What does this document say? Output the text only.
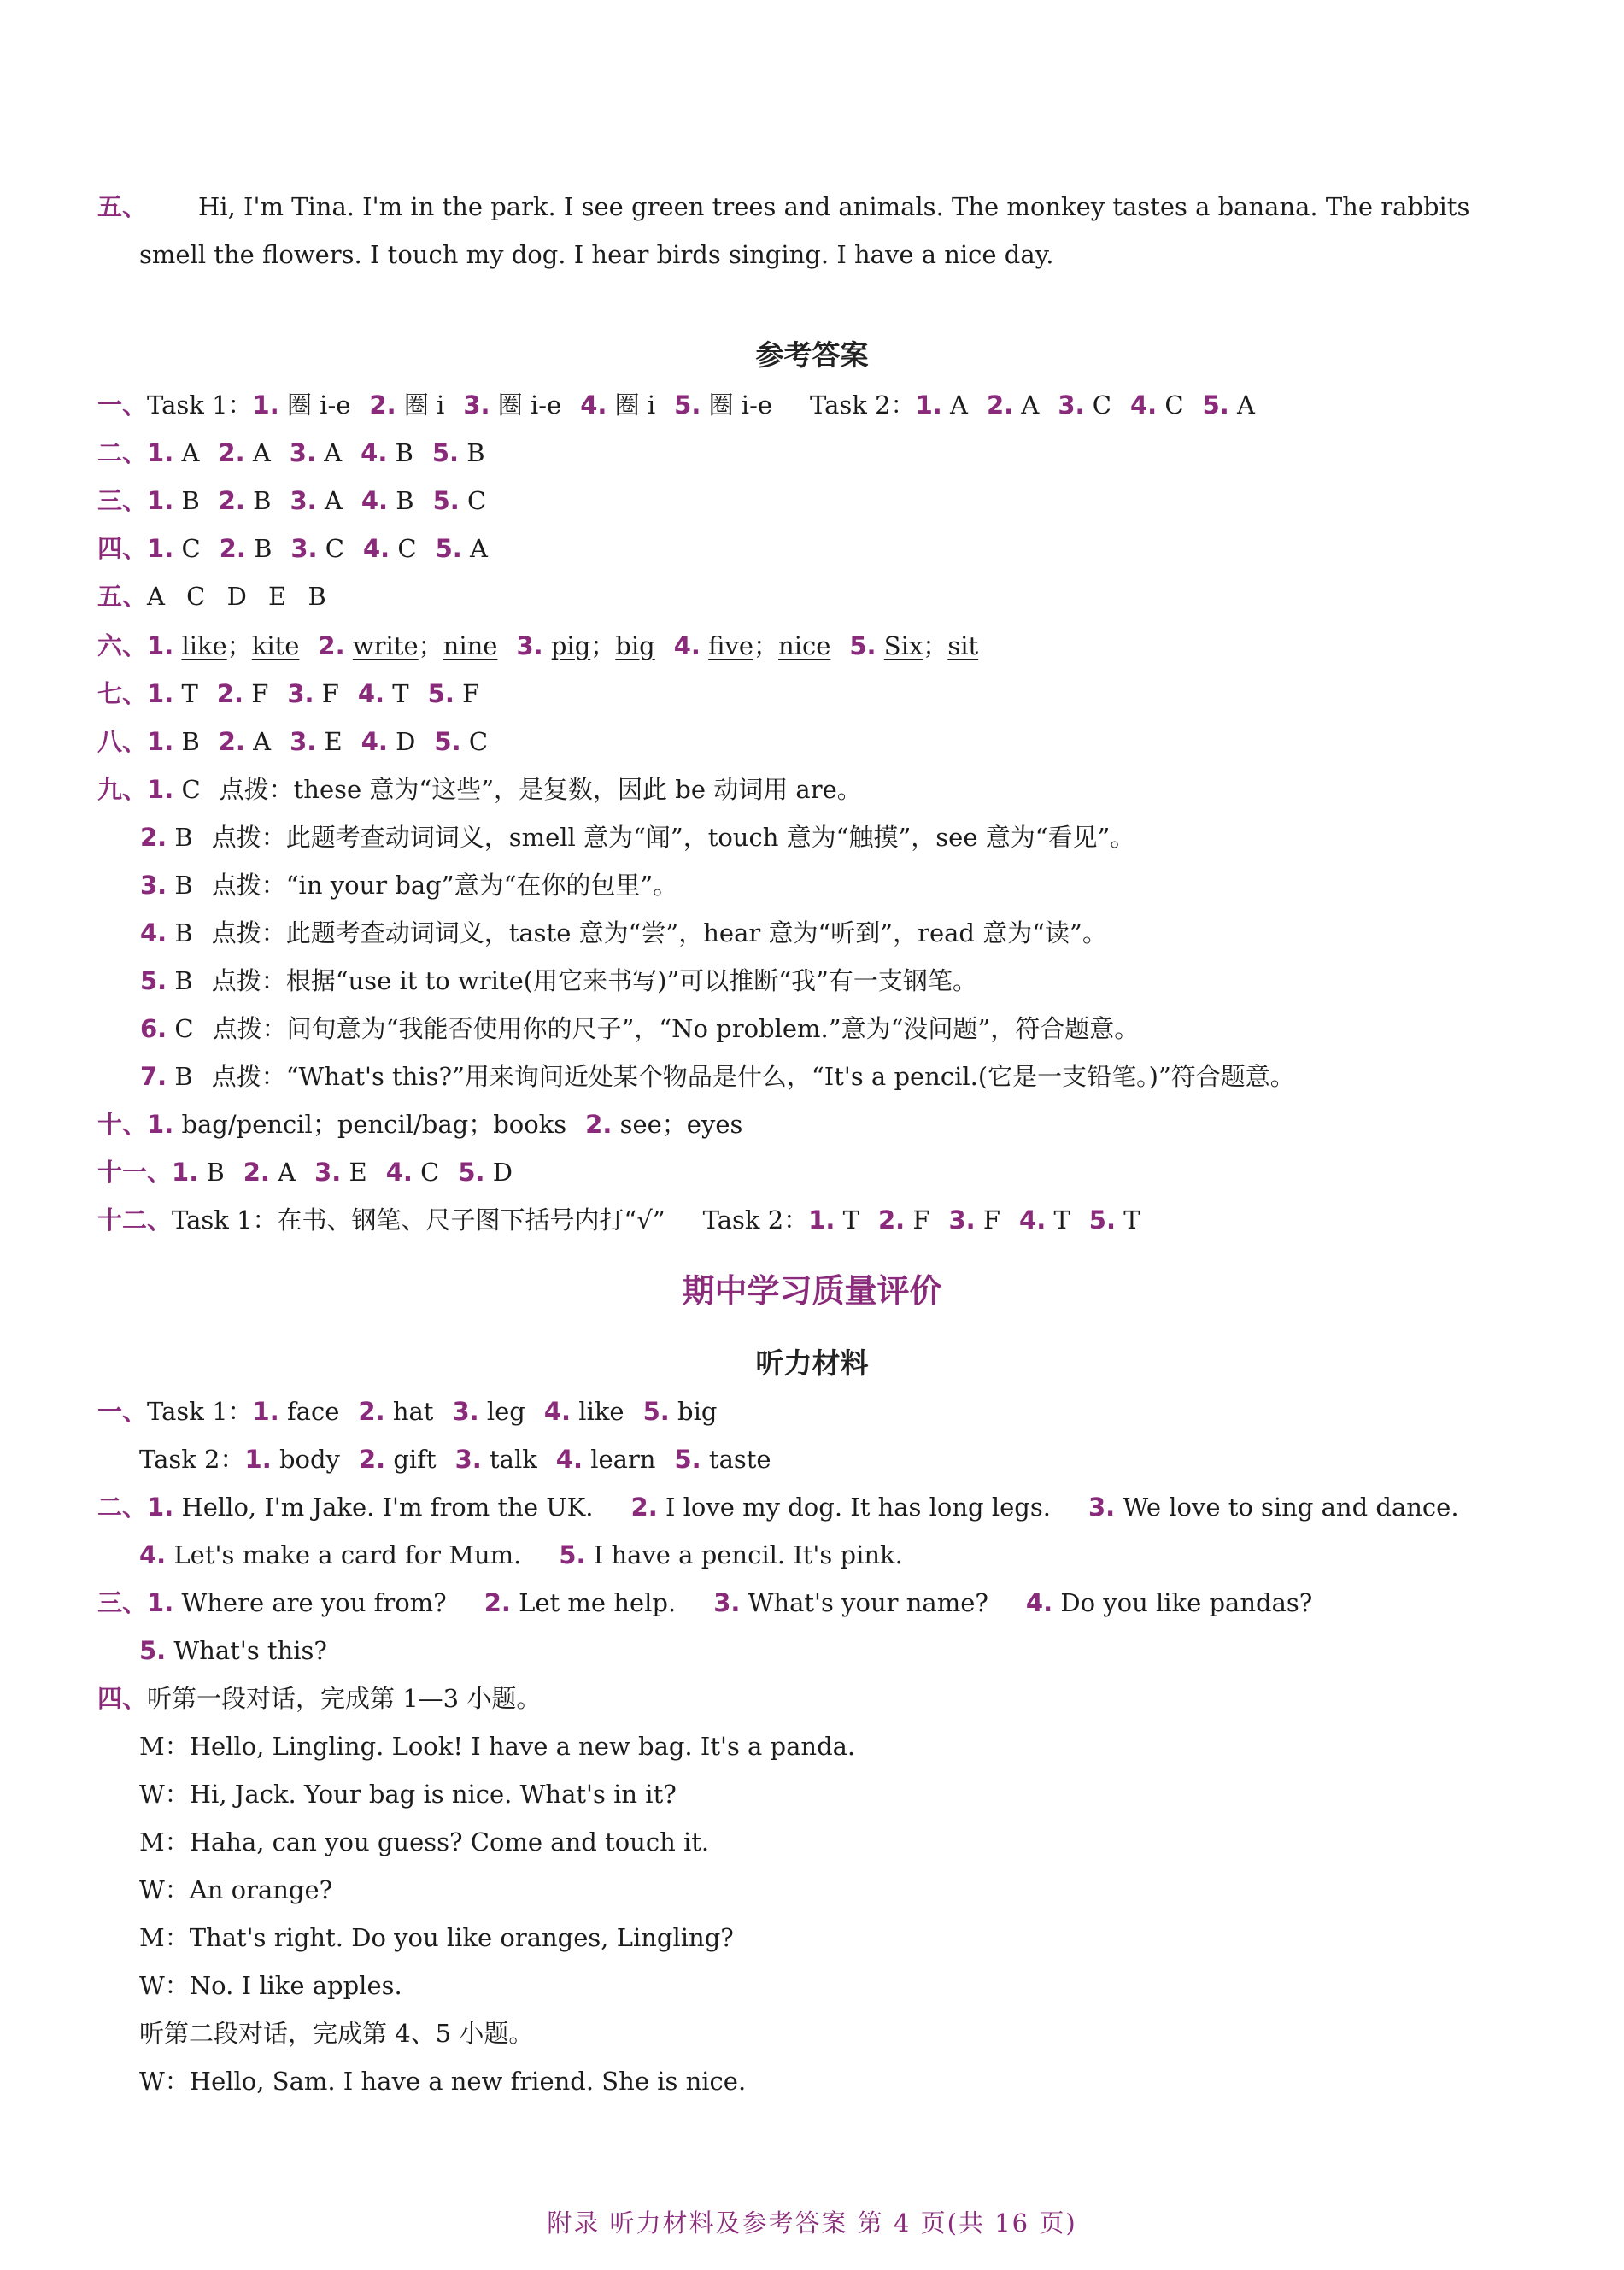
五、 Hi, I'm Tina. I'm in the park. I see green trees and animals. The monkey tastes a banana. The rabbits
smell the flowers. I touch my dog. I hear birds singing. I have a nice day.
参考答案
一、Task 1：1. 圈 i-e 2. 圈 i 3. 圈 i-e 4. 圈 i 5. 圈 i-e Task 2：1. A 2. A 3. C 4. C 5. A
二、1. A 2. A 3. A 4. B 5. B
三、1. B 2. B 3. A 4. B 5. C
四、1. C 2. B 3. C 4. C 5. A
五、A C D E B
六、1. like；kite 2. write；nine 3. pig；big 4. five；nice 5. Six；sit
七、1. T 2. F 3. F 4. T 5. F
八、1. B 2. A 3. E 4. D 5. C
九、1. C 点拨：these 意为“这些”，是复数，因此 be 动词用 are。
2. B 点拨：此题考查动词词义，smell 意为“闻”，touch 意为“触摸”，see 意为“看见”。
3. B 点拨：“in your bag”意为“在你的包里”。
4. B 点拨：此题考查动词词义，taste 意为“尝”，hear 意为“听到”，read 意为“读”。
5. B 点拨：根据“use it to write(用它来书写)”可以推断“我”有一支钢笔。
6. C 点拨：问句意为“我能否使用你的尺子”，“No problem.”意为“没问题”，符合题意。
7. B 点拨：“What's this?”用来询问近处某个物品是什么，“It's a pencil.(它是一支铅笔。)”符合题意。
十、1. bag/pencil；pencil/bag；books 2. see；eyes
十一、1. B 2. A 3. E 4. C 5. D
十二、Task 1：在书、钢笔、尺子图下括号内打“√” Task 2：1. T 2. F 3. F 4. T 5. T
期中学习质量评价
听力材料
一、Task 1：1. face 2. hat 3. leg 4. like 5. big
Task 2：1. body 2. gift 3. talk 4. learn 5. taste
二、1. Hello, I'm Jake. I'm from the UK. 2. I love my dog. It has long legs. 3. We love to sing and dance.
4. Let's make a card for Mum. 5. I have a pencil. It's pink.
三、1. Where are you from? 2. Let me help. 3. What's your name? 4. Do you like pandas?
5. What's this?
四、听第一段对话，完成第 1—3 小题。
M：Hello, Lingling. Look! I have a new bag. It's a panda.
W：Hi, Jack. Your bag is nice. What's in it?
M：Haha, can you guess? Come and touch it.
W：An orange?
M：That's right. Do you like oranges, Lingling?
W：No. I like apples.
听第二段对话，完成第 4、5 小题。
W：Hello, Sam. I have a new friend. She is nice.
附录 听力材料及参考答案 第 4 页(共 16 页)
